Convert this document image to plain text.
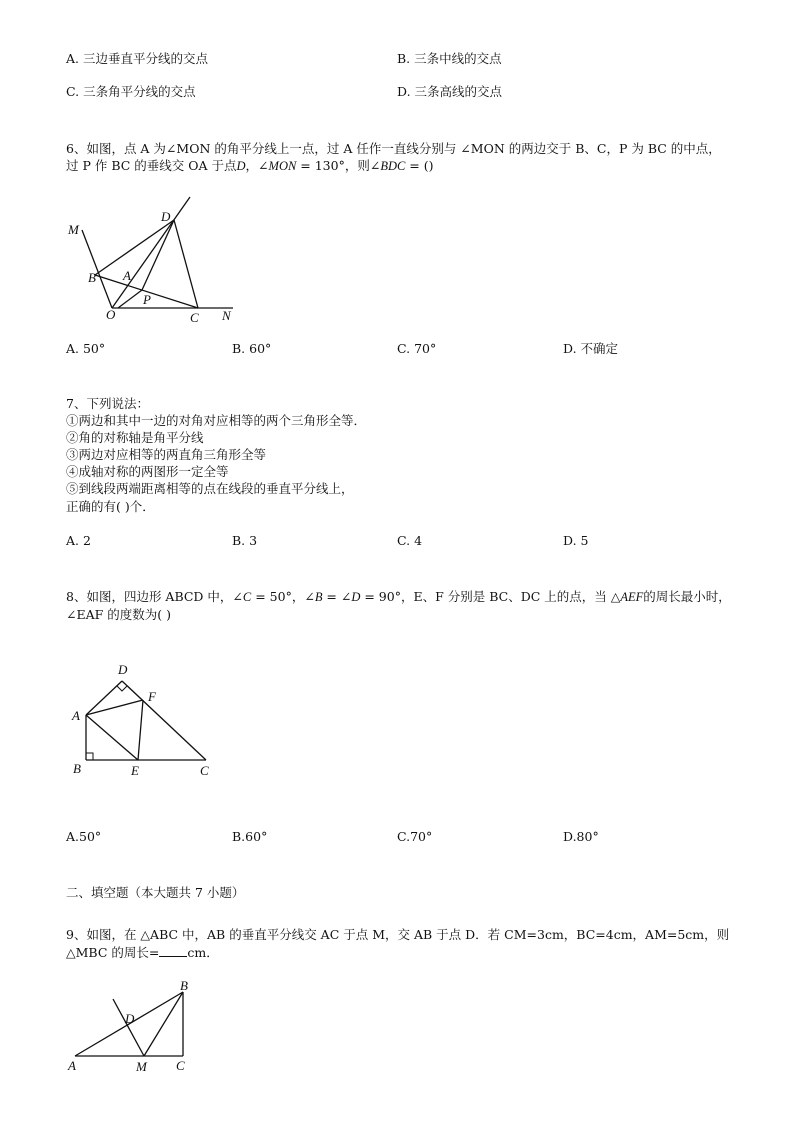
A. 三边垂直平分线的交点	B. 三条中线的交点
C. 三条角平分线的交点	D. 三条高线的交点
6、如图，点 A 为∠MON 的角平分线上一点，过 A 任作一直线分别与 ∠MON 的两边交于 B、C，P 为 BC 的中点，
过 P 作 BC 的垂线交 OA 于点D，∠MON = 130°，则∠BDC = ()
M
D
B A
P
O	C N
A. 50°	B. 60°	C. 70°	D. 不确定
7、下列说法：
①两边和其中一边的对角对应相等的两个三角形全等．
②角的对称轴是角平分线
③两边对应相等的两直角三角形全等
④成轴对称的两图形一定全等
⑤到线段两端距离相等的点在线段的垂直平分线上，
正确的有( )个．
A. 2	B. 3	C. 4	D. 5
8、如图，四边形 ABCD 中，∠C = 50°，∠B = ∠D = 90°，E、F 分别是 BC、DC 上的点，当 △AEF的周长最小时，
∠EAF 的度数为( )
D
F
A
B	E	C
A.50°	B.60°	C.70°	D.80°
二、填空题（本大题共 7 小题）
9、如图，在 △ABC 中，AB 的垂直平分线交 AC 于点 M，交 AB 于点 D．若 CM=3cm，BC=4cm，AM=5cm，则
△MBC 的周长= cm．
B
D
A	M C
